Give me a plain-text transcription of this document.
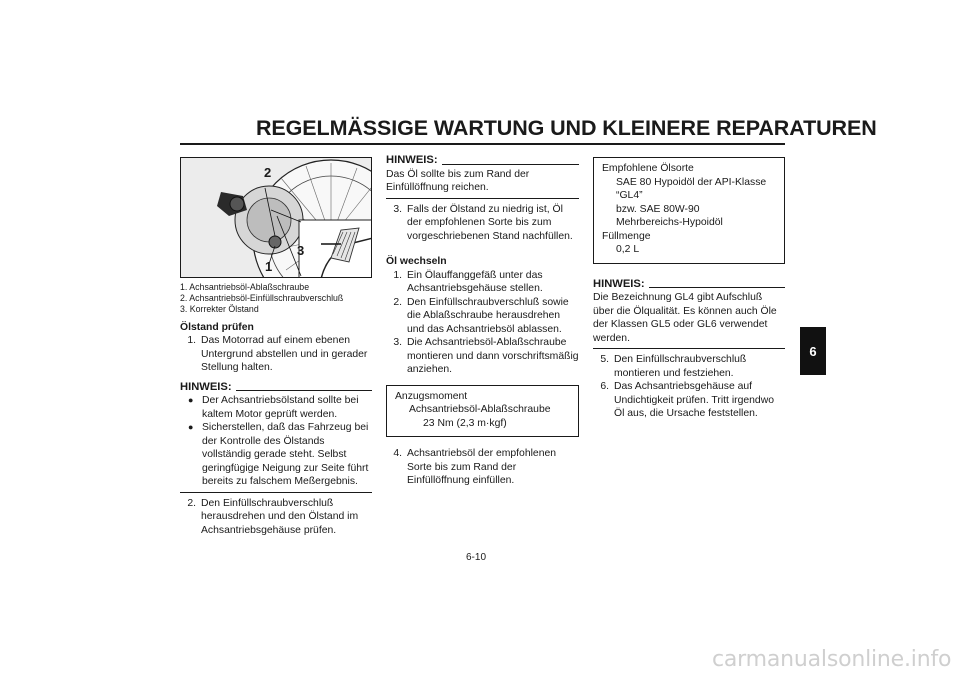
REGELMÄSSIGE WARTUNG UND KLEINERE REPARATUREN
2
3
1
1. Achsantriebsöl-Ablaßschraube
2. Achsantriebsöl-Einfüllschraubverschluß
3. Korrekter Ölstand
Ölstand prüfen
1. Das Motorrad auf einem ebenen Untergrund abstellen und in gerader Stellung halten.
HINWEIS:
● Der Achsantriebsölstand sollte bei kaltem Motor geprüft werden.
● Sicherstellen, daß das Fahrzeug bei der Kontrolle des Ölstands vollständig gerade steht. Selbst geringfügige Neigung zur Seite führt bereits zu falschem Meßergebnis.
2. Den Einfüllschraubverschluß herausdrehen und den Ölstand im Achsantriebsgehäuse prüfen.
HINWEIS:
Das Öl sollte bis zum Rand der Einfüllöffnung reichen.
3. Falls der Ölstand zu niedrig ist, Öl der empfohlenen Sorte bis zum vorgeschriebenen Stand nachfüllen.
Öl wechseln
1. Ein Ölauffanggefäß unter das Achsantriebsgehäuse stellen.
2. Den Einfüllschraubverschluß sowie die Ablaßschraube herausdrehen und das Achsantriebsöl ablassen.
3. Die Achsantriebsöl-Ablaßschraube montieren und dann vorschriftsmäßig anziehen.
Anzugsmoment
Achsantriebsöl-Ablaßschraube
23 Nm (2,3 m·kgf)
4. Achsantriebsöl der empfohlenen Sorte bis zum Rand der Einfüllöffnung einfüllen.
Empfohlene Ölsorte
SAE 80 Hypoidöl der API-Klasse
“GL4”
bzw. SAE 80W-90
Mehrbereichs-Hypoidöl
Füllmenge
0,2 L
HINWEIS:
Die Bezeichnung GL4 gibt Aufschluß über die Ölqualität. Es können auch Öle der Klassen GL5 oder GL6 verwendet werden.
5. Den Einfüllschraubverschluß montieren und festziehen.
6. Das Achsantriebsgehäuse auf Undichtigkeit prüfen. Tritt irgendwo Öl aus, die Ursache feststellen.
6
6-10
carmanualsonline.info
